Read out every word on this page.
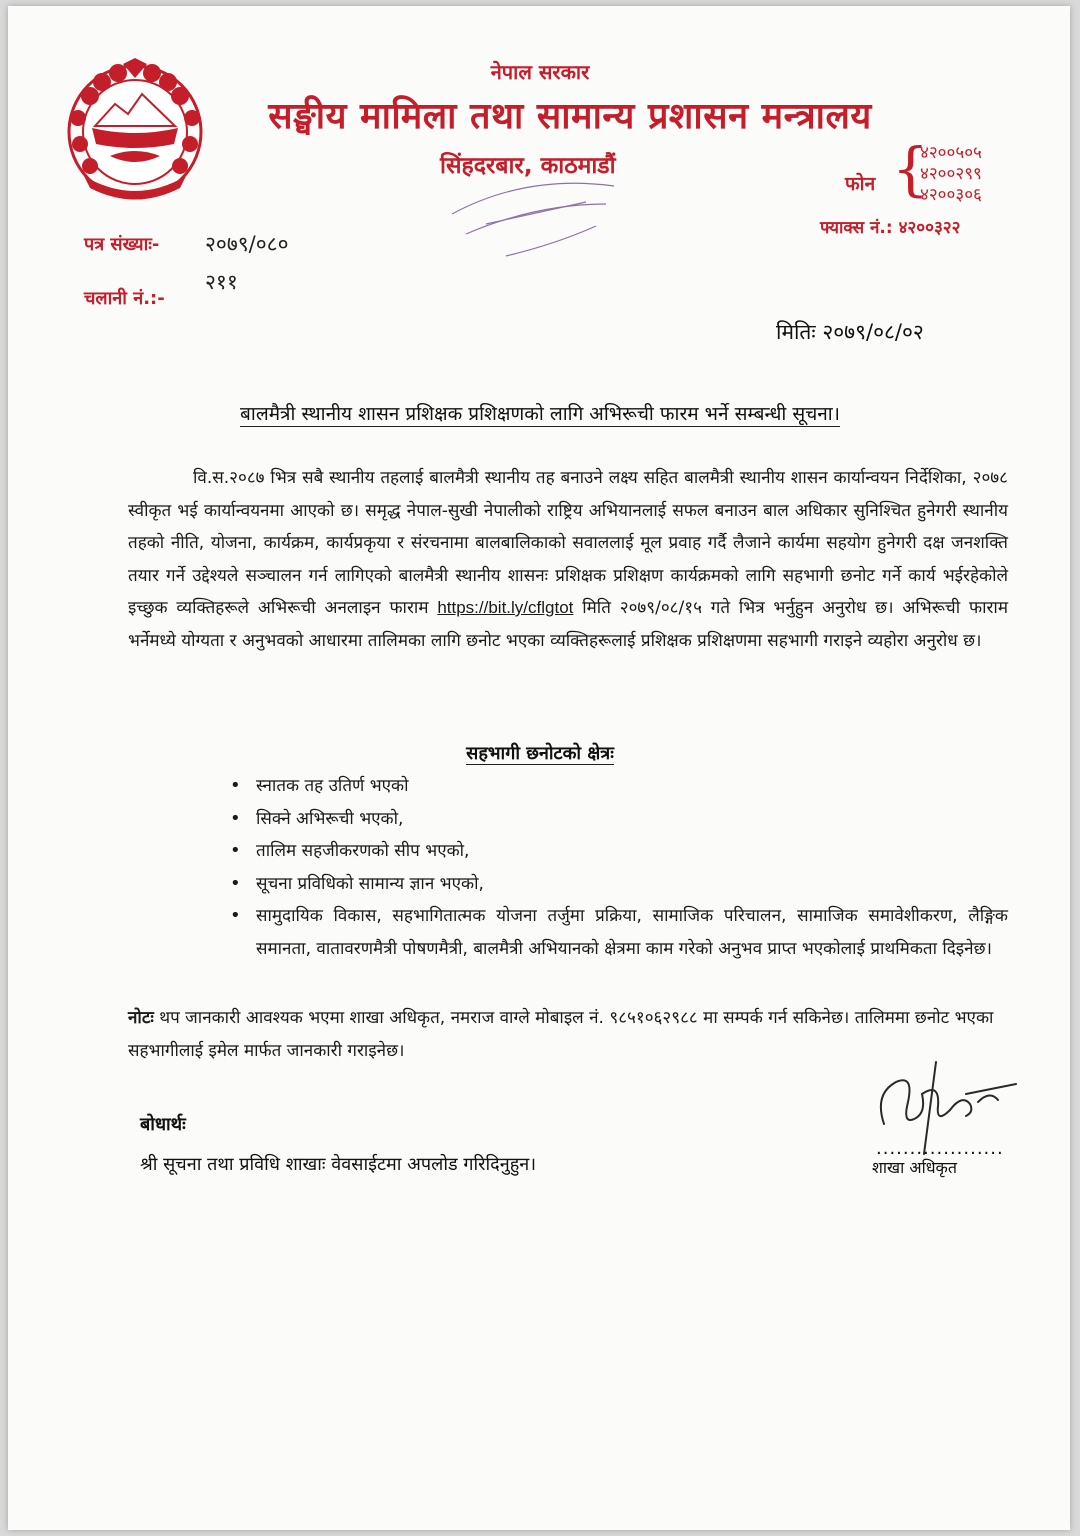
नेपाल सरकार
सङ्घीय मामिला तथा सामान्य प्रशासन मन्त्रालय
सिंहदरबार, काठमाडौं
फोन {
४२००५०५
४२००२९९
४२००३०६
फ्याक्स नं.: ४२००३२२
पत्र संख्याः- २०७९/०८०
२११
चलानी नं.:-
मितिः २०७९/०८/०२
बालमैत्री स्थानीय शासन प्रशिक्षक प्रशिक्षणको लागि अभिरूची फारम भर्ने सम्बन्धी सूचना।

वि.स.२०८७ भित्र सबै स्थानीय तहलाई बालमैत्री स्थानीय तह बनाउने लक्ष्य सहित बालमैत्री स्थानीय शासन कार्यान्वयन निर्देशिका, २०७८ स्वीकृत भई कार्यान्वयनमा आएको छ। समृद्ध नेपाल-सुखी नेपालीको राष्ट्रिय अभियानलाई सफल बनाउन बाल अधिकार सुनिश्चित हुनेगरी स्थानीय तहको नीति, योजना, कार्यक्रम, कार्यप्रकृया र संरचनामा बालबालिकाको सवाललाई मूल प्रवाह गर्दै लैजाने कार्यमा सहयोग हुनेगरी दक्ष जनशक्ति तयार गर्ने उद्देश्यले सञ्चालन गर्न लागिएको बालमैत्री स्थानीय शासनः प्रशिक्षक प्रशिक्षण कार्यक्रमको लागि सहभागी छनोट गर्ने कार्य भईरहेकोले इच्छुक व्यक्तिहरूले अभिरूची अनलाइन फाराम https://bit.ly/cflgtot मिति २०७९/०८/१५ गते भित्र भर्नुहुन अनुरोध छ। अभिरूची फाराम भर्नेमध्ये योग्यता र अनुभवको आधारमा तालिमका लागि छनोट भएका व्यक्तिहरूलाई प्रशिक्षक प्रशिक्षणमा सहभागी गराइने व्यहोरा अनुरोध छ।

सहभागी छनोटको क्षेत्रः
• स्नातक तह उतिर्ण भएको
• सिक्ने अभिरूची भएको,
• तालिम सहजीकरणको सीप भएको,
• सूचना प्रविधिको सामान्य ज्ञान भएको,
• सामुदायिक विकास, सहभागितात्मक योजना तर्जुमा प्रक्रिया, सामाजिक परिचालन, सामाजिक समावेशीकरण, लैङ्गिक समानता, वातावरणमैत्री पोषणमैत्री, बालमैत्री अभियानको क्षेत्रमा काम गरेको अनुभव प्राप्त भएकोलाई प्राथमिकता दिइनेछ।

नोटः थप जानकारी आवश्यक भएमा शाखा अधिकृत, नमराज वाग्ले मोबाइल नं. ९८५१०६२९८८ मा सम्पर्क गर्न सकिनेछ। तालिममा छनोट भएका सहभागीलाई इमेल मार्फत जानकारी गराइनेछ।

बोधार्थः
श्री सूचना तथा प्रविधि शाखाः वेवसाईटमा अपलोड गरिदिनुहुन।
...................
शाखा अधिकृत
